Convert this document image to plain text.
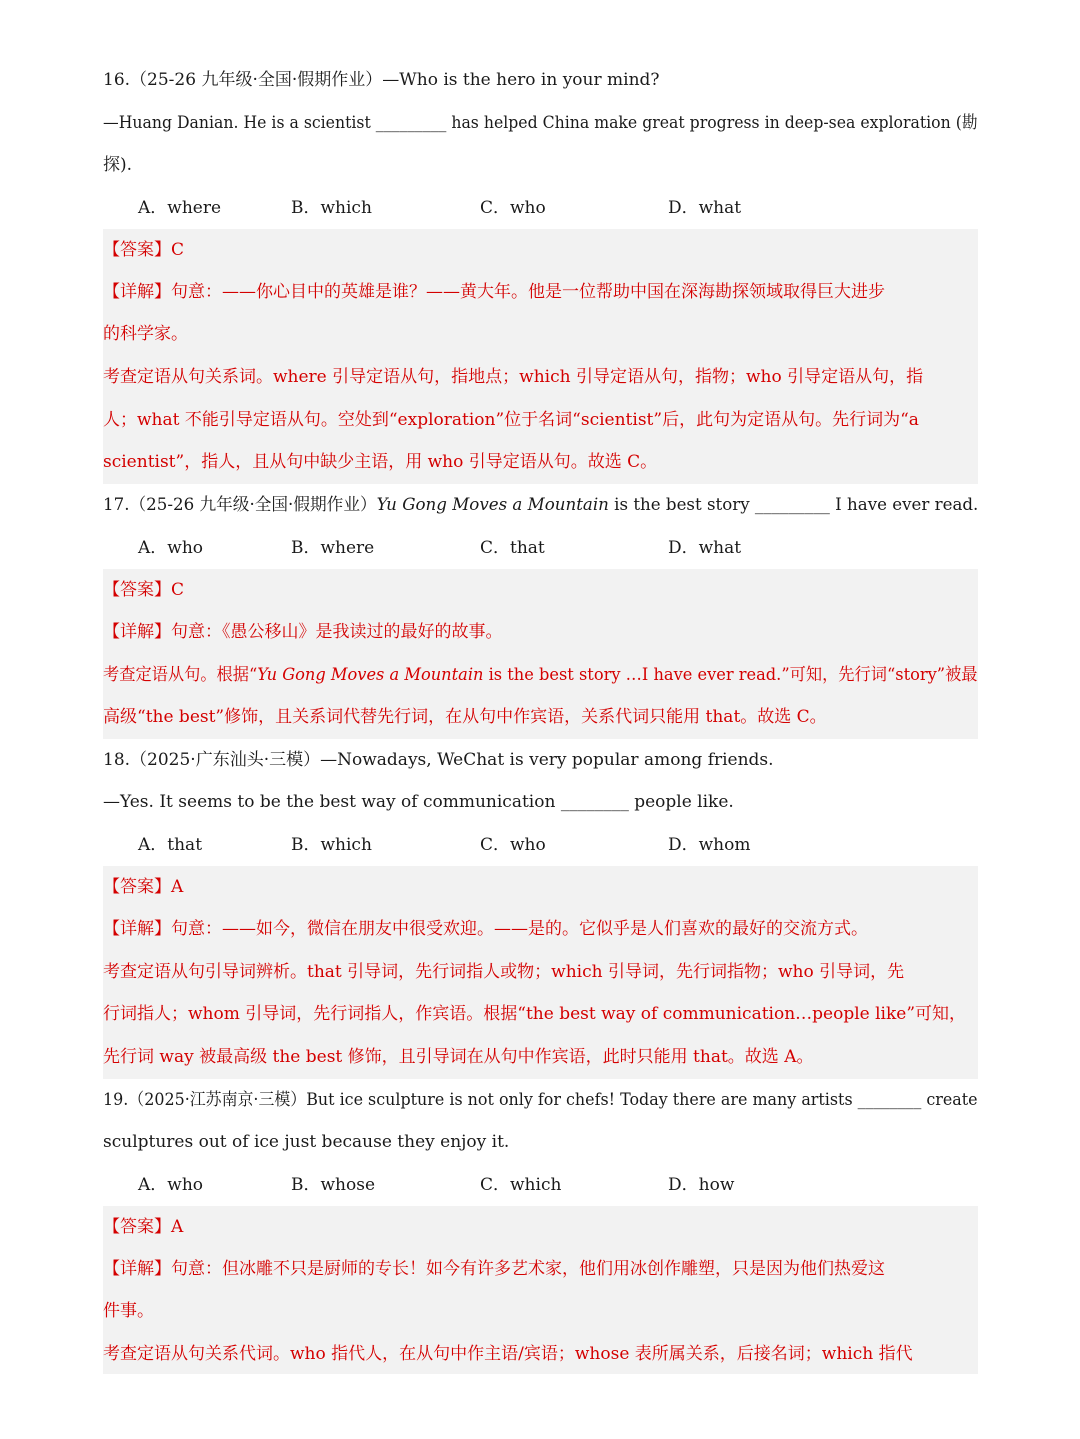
16.（25-26 九年级·全国·假期作业）—Who is the hero in your mind?
—Huang Danian. He is a scientist _________ has helped China make great progress in deep-sea exploration (勘
探).
A．where	B．which	C．who	D．what
【答案】C
【详解】句意：——你心目中的英雄是谁？——黄大年。他是一位帮助中国在深海勘探领域取得巨大进步
的科学家。
考查定语从句关系词。where 引导定语从句，指地点；which 引导定语从句，指物；who 引导定语从句，指
人；what 不能引导定语从句。空处到“exploration”位于名词“scientist”后，此句为定语从句。先行词为“a
scientist”，指人，且从句中缺少主语，用 who 引导定语从句。故选 C。
17.（25-26 九年级·全国·假期作业）Yu Gong Moves a Mountain is the best story _________ I have ever read.
A．who	B．where	C．that	D．what
【答案】C
【详解】句意：《愚公移山》是我读过的最好的故事。
考查定语从句。根据“Yu Gong Moves a Mountain is the best story …I have ever read.”可知，先行词“story”被最
高级“the best”修饰，且关系词代替先行词，在从句中作宾语，关系代词只能用 that。故选 C。
18.（2025·广东汕头·三模）—Nowadays, WeChat is very popular among friends.
—Yes. It seems to be the best way of communication ________ people like.
A．that	B．which	C．who	D．whom
【答案】A
【详解】句意：——如今，微信在朋友中很受欢迎。——是的。它似乎是人们喜欢的最好的交流方式。
考查定语从句引导词辨析。that 引导词，先行词指人或物；which 引导词，先行词指物；who 引导词，先
行词指人；whom 引导词，先行词指人，作宾语。根据“the best way of communication…people like”可知，
先行词 way 被最高级 the best 修饰，且引导词在从句中作宾语，此时只能用 that。故选 A。
19.（2025·江苏南京·三模）But ice sculpture is not only for chefs! Today there are many artists ________ create
sculptures out of ice just because they enjoy it.
A．who	B．whose	C．which	D．how
【答案】A
【详解】句意：但冰雕不只是厨师的专长！如今有许多艺术家，他们用冰创作雕塑，只是因为他们热爱这
件事。
考查定语从句关系代词。who 指代人，在从句中作主语/宾语；whose 表所属关系，后接名词；which 指代
